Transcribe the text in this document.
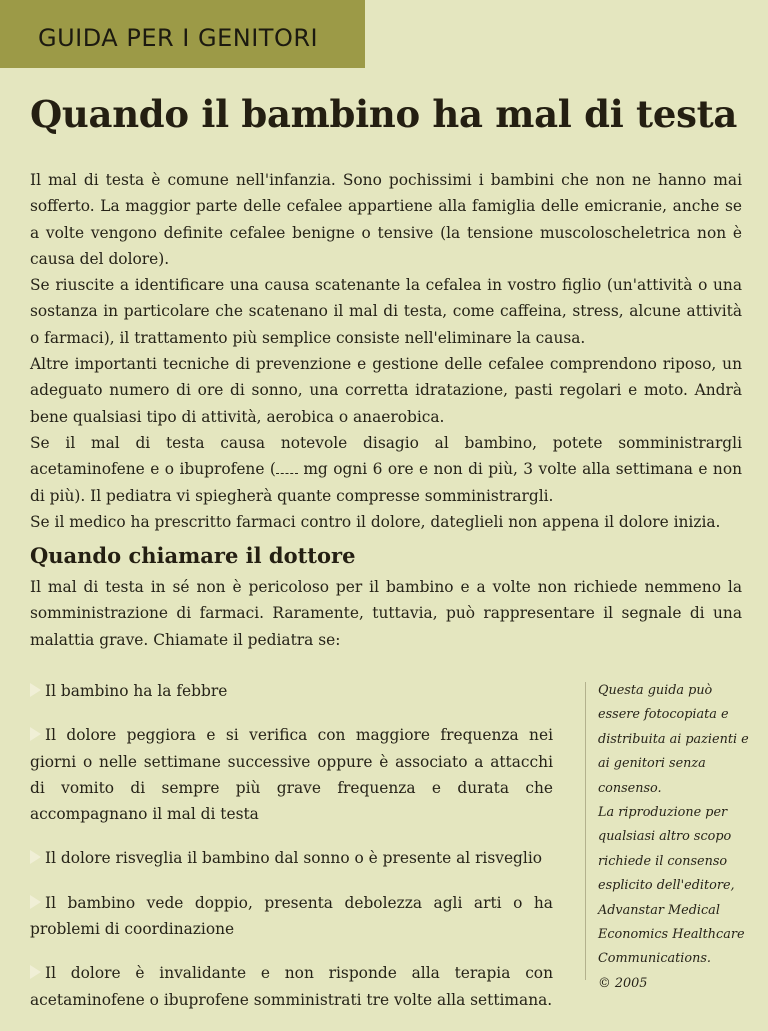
GUIDA PER I GENITORI
Quando il bambino ha mal di testa

Il mal di testa è comune nell'infanzia. Sono pochissimi i bambini che non ne hanno mai sofferto. La maggior parte delle cefalee appartiene alla famiglia delle emicranie, anche se a volte vengono definite cefalee benigne o tensive (la tensione muscoloscheletrica non è causa del dolore).

Se riuscite a identificare una causa scatenante la cefalea in vostro figlio (un'attività o una sostanza in particolare che scatenano il mal di testa, come caffeina, stress, alcune attività o farmaci), il trattamento più semplice consiste nell'eliminare la causa.

Altre importanti tecniche di prevenzione e gestione delle cefalee comprendono riposo, un adeguato numero di ore di sonno, una corretta idratazione, pasti regolari e moto. Andrà bene qualsiasi tipo di attività, aerobica o anaerobica.

Se il mal di testa causa notevole disagio al bambino, potete somministrargli acetaminofene e o ibuprofene ( mg ogni 6 ore e non di più, 3 volte alla settimana e non di più). Il pediatra vi spiegherà quante compresse somministrargli.

Se il medico ha prescritto farmaci contro il dolore, dateglieli non appena il dolore inizia.

Quando chiamare il dottore

Il mal di testa in sé non è pericoloso per il bambino e a volte non richiede nemmeno la somministrazione di farmaci. Raramente, tuttavia, può rappresentare il segnale di una malattia grave. Chiamate il pediatra se:

Il bambino ha la febbre
Il dolore peggiora e si verifica con maggiore frequenza nei giorni o nelle settimane successive oppure è associato a attacchi di vomito di sempre più grave frequenza e durata che accompagnano il mal di testa
Il dolore risveglia il bambino dal sonno o è presente al risveglio
Il bambino vede doppio, presenta debolezza agli arti o ha problemi di coordinazione
Il dolore è invalidante e non risponde alla terapia con acetaminofene o ibuprofene somministrati tre volte alla settimana.

Questa guida può essere fotocopiata e distribuita ai pazienti e ai genitori senza consenso.

La riproduzione per qualsiasi altro scopo richiede il consenso esplicito dell'editore, Advanstar Medical Economics Healthcare Communications.

© 2005
